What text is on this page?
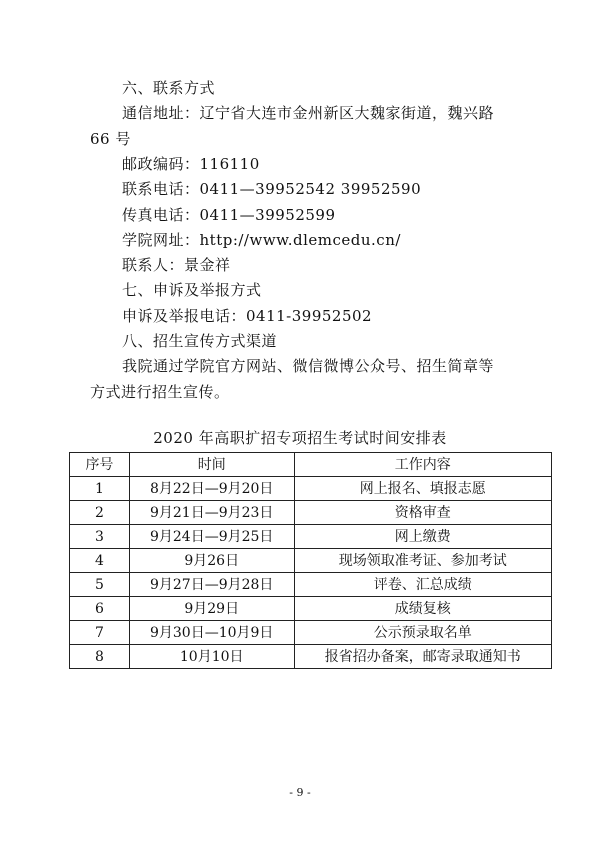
六、联系方式
通信地址：辽宁省大连市金州新区大魏家街道，魏兴路
66 号
邮政编码：116110
联系电话：0411—39952542 39952590
传真电话：0411—39952599
学院网址：http://www.dlemcedu.cn/
联系人：景金祥
七、申诉及举报方式
申诉及举报电话：0411-39952502
八、招生宣传方式渠道
我院通过学院官方网站、微信微博公众号、招生简章等
方式进行招生宣传。
2020 年高职扩招专项招生考试时间安排表
序号	时间	工作内容
1	8月22日—9月20日	网上报名、填报志愿
2	9月21日—9月23日	资格审查
3	9月24日—9月25日	网上缴费
4	9月26日	现场领取准考证、参加考试
5	9月27日—9月28日	评卷、汇总成绩
6	9月29日	成绩复核
7	9月30日—10月9日	公示预录取名单
8	10月10日	报省招办备案，邮寄录取通知书
- 9 -
